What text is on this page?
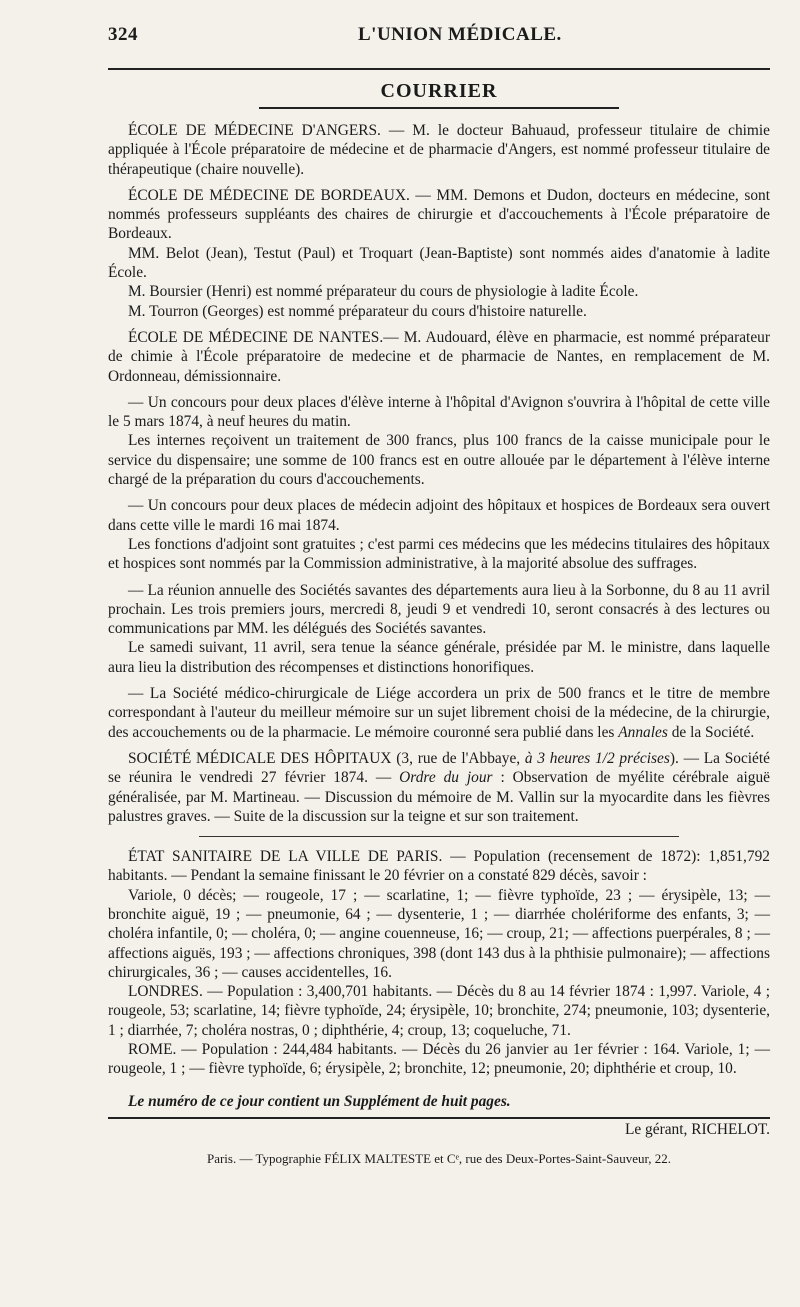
324	L'UNION MÉDICALE.
COURRIER

ÉCOLE DE MÉDECINE D'ANGERS. — M. le docteur Bahuaud, professeur titulaire de chimie appliquée à l'École préparatoire de médecine et de pharmacie d'Angers, est nommé professeur titulaire de thérapeutique (chaire nouvelle).

ÉCOLE DE MÉDECINE DE BORDEAUX. — MM. Demons et Dudon, docteurs en médecine, sont nommés professeurs suppléants des chaires de chirurgie et d'accouchements à l'École préparatoire de Bordeaux.

MM. Belot (Jean), Testut (Paul) et Troquart (Jean-Baptiste) sont nommés aides d'anatomie à ladite École.

M. Boursier (Henri) est nommé préparateur du cours de physiologie à ladite École.

M. Tourron (Georges) est nommé préparateur du cours d'histoire naturelle.

ÉCOLE DE MÉDECINE DE NANTES.— M. Audouard, élève en pharmacie, est nommé préparateur de chimie à l'École préparatoire de medecine et de pharmacie de Nantes, en remplacement de M. Ordonneau, démissionnaire.

— Un concours pour deux places d'élève interne à l'hôpital d'Avignon s'ouvrira à l'hôpital de cette ville le 5 mars 1874, à neuf heures du matin.

Les internes reçoivent un traitement de 300 francs, plus 100 francs de la caisse municipale pour le service du dispensaire; une somme de 100 francs est en outre allouée par le département à l'élève interne chargé de la préparation du cours d'accouchements.

— Un concours pour deux places de médecin adjoint des hôpitaux et hospices de Bordeaux sera ouvert dans cette ville le mardi 16 mai 1874.

Les fonctions d'adjoint sont gratuites ; c'est parmi ces médecins que les médecins titulaires des hôpitaux et hospices sont nommés par la Commission administrative, à la majorité absolue des suffrages.

— La réunion annuelle des Sociétés savantes des départements aura lieu à la Sorbonne, du 8 au 11 avril prochain. Les trois premiers jours, mercredi 8, jeudi 9 et vendredi 10, seront consacrés à des lectures ou communications par MM. les délégués des Sociétés savantes.

Le samedi suivant, 11 avril, sera tenue la séance générale, présidée par M. le ministre, dans laquelle aura lieu la distribution des récompenses et distinctions honorifiques.

— La Société médico-chirurgicale de Liége accordera un prix de 500 francs et le titre de membre correspondant à l'auteur du meilleur mémoire sur un sujet librement choisi de la médecine, de la chirurgie, des accouchements ou de la pharmacie. Le mémoire couronné sera publié dans les Annales de la Société.

SOCIÉTÉ MÉDICALE DES HÔPITAUX (3, rue de l'Abbaye, à 3 heures 1/2 précises). — La Société se réunira le vendredi 27 février 1874. — Ordre du jour : Observation de myélite cérébrale aiguë généralisée, par M. Martineau. — Discussion du mémoire de M. Vallin sur la myocardite dans les fièvres palustres graves. — Suite de la discussion sur la teigne et sur son traitement.

ÉTAT SANITAIRE DE LA VILLE DE PARIS. — Population (recensement de 1872): 1,851,792 habitants. — Pendant la semaine finissant le 20 février on a constaté 829 décès, savoir :

Variole, 0 décès; — rougeole, 17 ; — scarlatine, 1; — fièvre typhoïde, 23 ; — érysipèle, 13; — bronchite aiguë, 19 ; — pneumonie, 64 ; — dysenterie, 1 ; — diarrhée cholériforme des enfants, 3; — choléra infantile, 0; — choléra, 0; — angine couenneuse, 16; — croup, 21; — affections puerpérales, 8 ; — affections aiguës, 193 ; — affections chroniques, 398 (dont 143 dus à la phthisie pulmonaire); — affections chirurgicales, 36 ; — causes accidentelles, 16.

LONDRES. — Population : 3,400,701 habitants. — Décès du 8 au 14 février 1874 : 1,997. Variole, 4 ; rougeole, 53; scarlatine, 14; fièvre typhoïde, 24; érysipèle, 10; bronchite, 274; pneumonie, 103; dysenterie, 1 ; diarrhée, 7; choléra nostras, 0 ; diphthérie, 4; croup, 13; coqueluche, 71.

ROME. — Population : 244,484 habitants. — Décès du 26 janvier au 1er février : 164. Variole, 1; — rougeole, 1 ; — fièvre typhoïde, 6; érysipèle, 2; bronchite, 12; pneumonie, 20; diphthérie et croup, 10.

Le numéro de ce jour contient un Supplément de huit pages.
Le gérant, RICHELOT.
Paris. — Typographie FÉLIX MALTESTE et Cᵉ, rue des Deux-Portes-Saint-Sauveur, 22.
